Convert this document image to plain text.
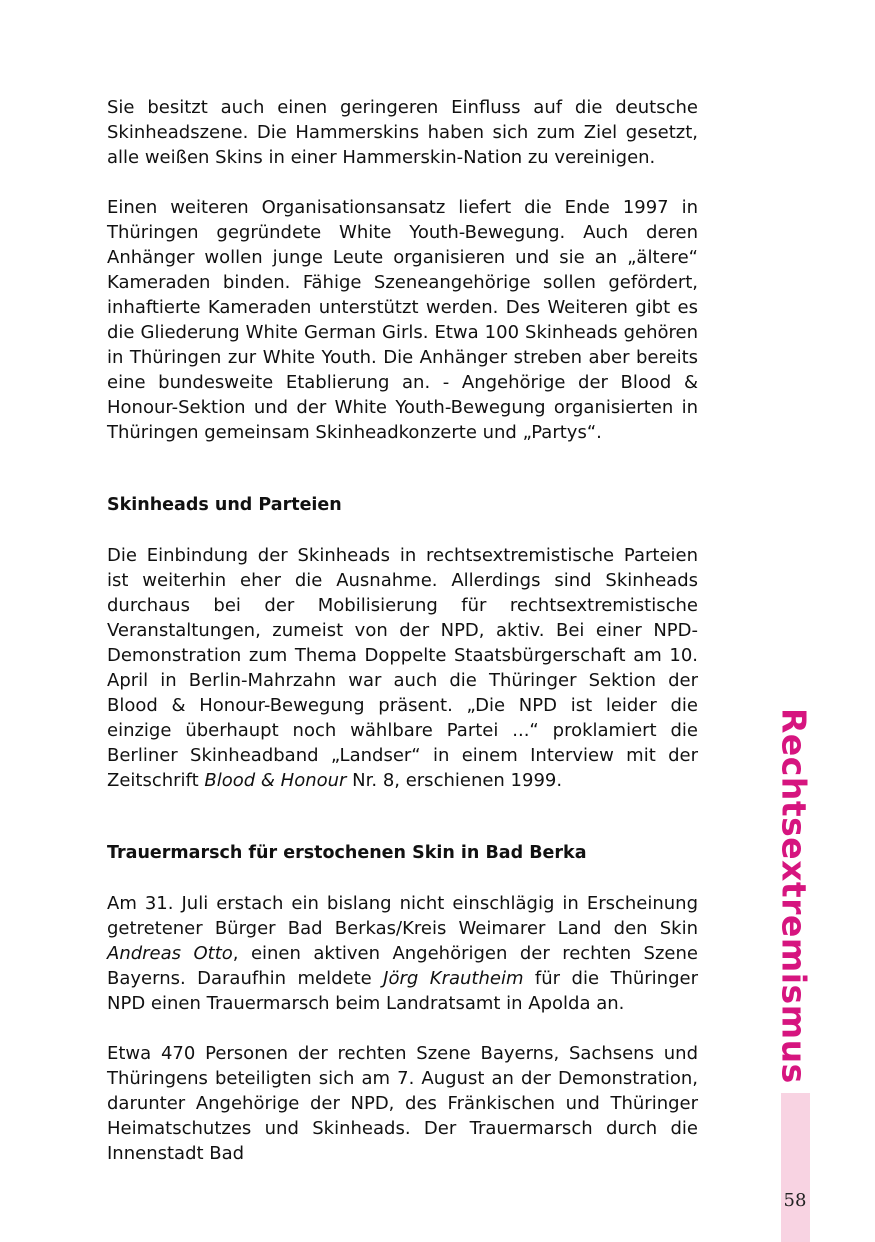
Sie besitzt auch einen geringeren Einfluss auf die deutsche Skinheadszene. Die Hammerskins haben sich zum Ziel gesetzt, alle weißen Skins in einer Hammerskin-Nation zu vereinigen.

Einen weiteren Organisationsansatz liefert die Ende 1997 in Thüringen gegründete White Youth-Bewegung. Auch deren Anhänger wollen junge Leute organisieren und sie an „ältere“ Kameraden binden. Fähige Szeneangehörige sollen gefördert, inhaftierte Kameraden unterstützt werden. Des Weiteren gibt es die Gliederung White German Girls. Etwa 100 Skinheads gehören in Thüringen zur White Youth. Die Anhänger streben aber bereits eine bundesweite Etablierung an. - Angehörige der Blood & Honour-Sektion und der White Youth-Bewegung organisierten in Thüringen gemeinsam Skinheadkonzerte und „Partys“.

Skinheads und Parteien

Die Einbindung der Skinheads in rechtsextremistische Parteien ist weiterhin eher die Ausnahme. Allerdings sind Skinheads durchaus bei der Mobilisierung für rechtsextremistische Veranstaltungen, zumeist von der NPD, aktiv. Bei einer NPD-Demonstration zum Thema Doppelte Staatsbürgerschaft am 10. April in Berlin-Mahrzahn war auch die Thüringer Sektion der Blood & Honour-Bewegung präsent. „Die NPD ist leider die einzige überhaupt noch wählbare Partei ...“ proklamiert die Berliner Skinheadband „Landser“ in einem Interview mit der Zeitschrift Blood & Honour Nr. 8, erschienen 1999.

Trauermarsch für erstochenen Skin in Bad Berka

Am 31. Juli erstach ein bislang nicht einschlägig in Erscheinung getretener Bürger Bad Berkas/Kreis Weimarer Land den Skin Andreas Otto, einen aktiven Angehörigen der rechten Szene Bayerns. Daraufhin meldete Jörg Krautheim für die Thüringer NPD einen Trauermarsch beim Landratsamt in Apolda an.

Etwa 470 Personen der rechten Szene Bayerns, Sachsens und Thüringens beteiligten sich am 7. August an der Demonstration, darunter Angehörige der NPD, des Fränkischen und Thüringer Heimatschutzes und Skinheads. Der Trauermarsch durch die Innenstadt Bad

Rechtsextremismus
58
